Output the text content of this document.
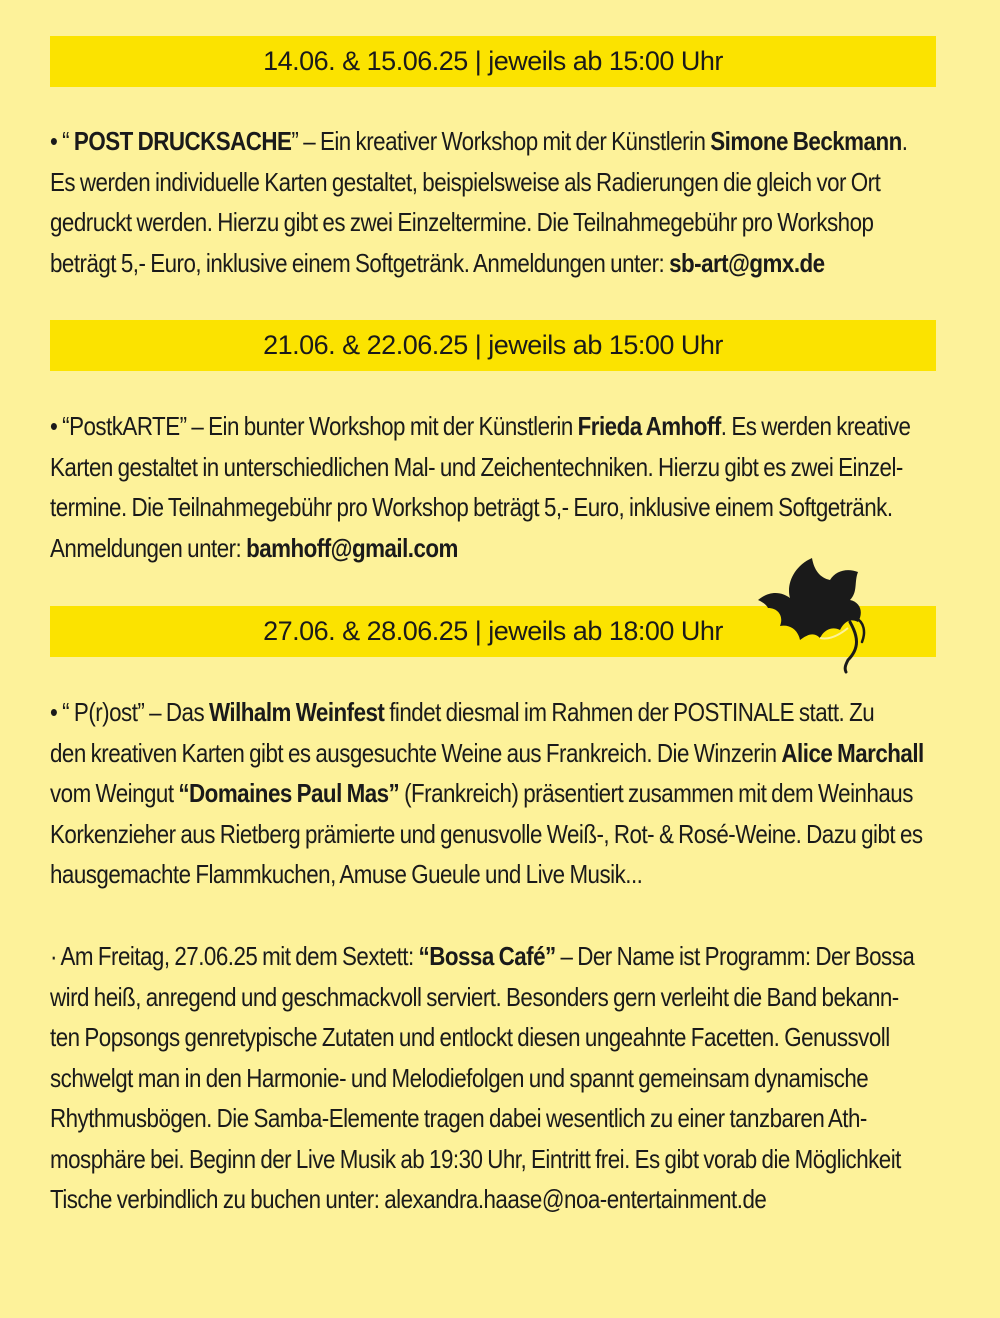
14.06. & 15.06.25 | jeweils ab 15:00 Uhr
• “ POST DRUCKSACHE” – Ein kreativer Workshop mit der Künstlerin Simone Beckmann.
Es werden individuelle Karten gestaltet, beispielsweise als Radierungen die gleich vor Ort
gedruckt werden. Hierzu gibt es zwei Einzeltermine. Die Teilnahmegebühr pro Workshop
beträgt 5,- Euro, inklusive einem Softgetränk. Anmeldungen unter: sb-art@gmx.de
21.06. & 22.06.25 | jeweils ab 15:00 Uhr
• “PostkARTE” – Ein bunter Workshop mit der Künstlerin Frieda Amhoff. Es werden kreative
Karten gestaltet in unterschiedlichen Mal- und Zeichentechniken. Hierzu gibt es zwei Einzel-
termine. Die Teilnahmegebühr pro Workshop beträgt 5,- Euro, inklusive einem Softgetränk.
Anmeldungen unter: bamhoff@gmail.com
27.06. & 28.06.25 | jeweils ab 18:00 Uhr
• “ P(r)ost” – Das Wilhalm Weinfest findet diesmal im Rahmen der POSTINALE statt. Zu
den kreativen Karten gibt es ausgesuchte Weine aus Frankreich. Die Winzerin Alice Marchall
vom Weingut “Domaines Paul Mas” (Frankreich) präsentiert zusammen mit dem Weinhaus
Korkenzieher aus Rietberg prämierte und genusvolle Weiß-, Rot- & Rosé-Weine. Dazu gibt es
hausgemachte Flammkuchen, Amuse Gueule und Live Musik...
· Am Freitag, 27.06.25 mit dem Sextett: “Bossa Café” – Der Name ist Programm: Der Bossa
wird heiß, anregend und geschmackvoll serviert. Besonders gern verleiht die Band bekann-
ten Popsongs genretypische Zutaten und entlockt diesen ungeahnte Facetten. Genussvoll
schwelgt man in den Harmonie- und Melodiefolgen und spannt gemeinsam dynamische
Rhythmusbögen. Die Samba-Elemente tragen dabei wesentlich zu einer tanzbaren Ath-
mosphäre bei. Beginn der Live Musik ab 19:30 Uhr, Eintritt frei. Es gibt vorab die Möglichkeit
Tische verbindlich zu buchen unter: alexandra.haase@noa-entertainment.de
